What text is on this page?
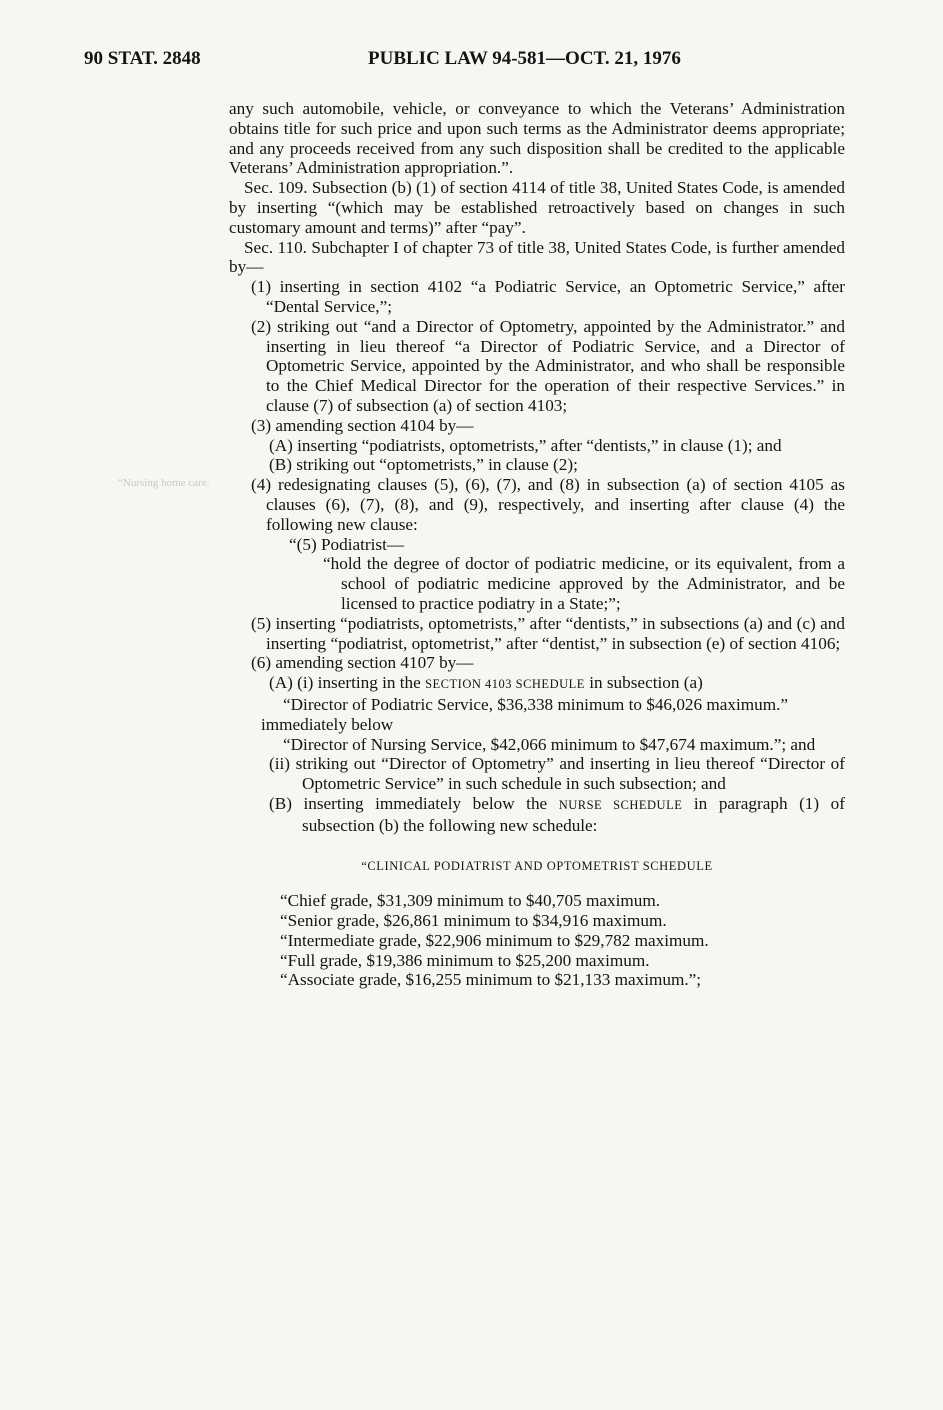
90 STAT. 2848	PUBLIC LAW 94-581—OCT. 21, 1976
“Nursing home care.

any such automobile, vehicle, or conveyance to which the Veterans’ Administration obtains title for such price and upon such terms as the Administrator deems appropriate; and any proceeds received from any such disposition shall be credited to the applicable Veterans’ Administration appropriation.”.

Sec. 109. Subsection (b) (1) of section 4114 of title 38, United States Code, is amended by inserting “(which may be established retroactively based on changes in such customary amount and terms)” after “pay”.

Sec. 110. Subchapter I of chapter 73 of title 38, United States Code, is further amended by—

(1) inserting in section 4102 “a Podiatric Service, an Optometric Service,” after “Dental Service,”;

(2) striking out “and a Director of Optometry, appointed by the Administrator.” and inserting in lieu thereof “a Director of Podiatric Service, and a Director of Optometric Service, appointed by the Administrator, and who shall be responsible to the Chief Medical Director for the operation of their respective Services.” in clause (7) of subsection (a) of section 4103;

(3) amending section 4104 by—

(A) inserting “podiatrists, optometrists,” after “dentists,” in clause (1); and

(B) striking out “optometrists,” in clause (2);

(4) redesignating clauses (5), (6), (7), and (8) in subsection (a) of section 4105 as clauses (6), (7), (8), and (9), respectively, and inserting after clause (4) the following new clause:

“(5) Podiatrist—

“hold the degree of doctor of podiatric medicine, or its equivalent, from a school of podiatric medicine approved by the Administrator, and be licensed to practice podiatry in a State;”;

(5) inserting “podiatrists, optometrists,” after “dentists,” in subsections (a) and (c) and inserting “podiatrist, optometrist,” after “dentist,” in subsection (e) of section 4106;

(6) amending section 4107 by—

(A) (i) inserting in the SECTION 4103 SCHEDULE in subsection (a)

“Director of Podiatric Service, $36,338 minimum to $46,026 maximum.”

immediately below

“Director of Nursing Service, $42,066 minimum to $47,674 maximum.”; and

(ii) striking out “Director of Optometry” and inserting in lieu thereof “Director of Optometric Service” in such schedule in such subsection; and

(B) inserting immediately below the NURSE SCHEDULE in paragraph (1) of subsection (b) the following new schedule:

“CLINICAL PODIATRIST AND OPTOMETRIST SCHEDULE

“Chief grade, $31,309 minimum to $40,705 maximum.

“Senior grade, $26,861 minimum to $34,916 maximum.

“Intermediate grade, $22,906 minimum to $29,782 maximum.

“Full grade, $19,386 minimum to $25,200 maximum.

“Associate grade, $16,255 minimum to $21,133 maximum.”;
